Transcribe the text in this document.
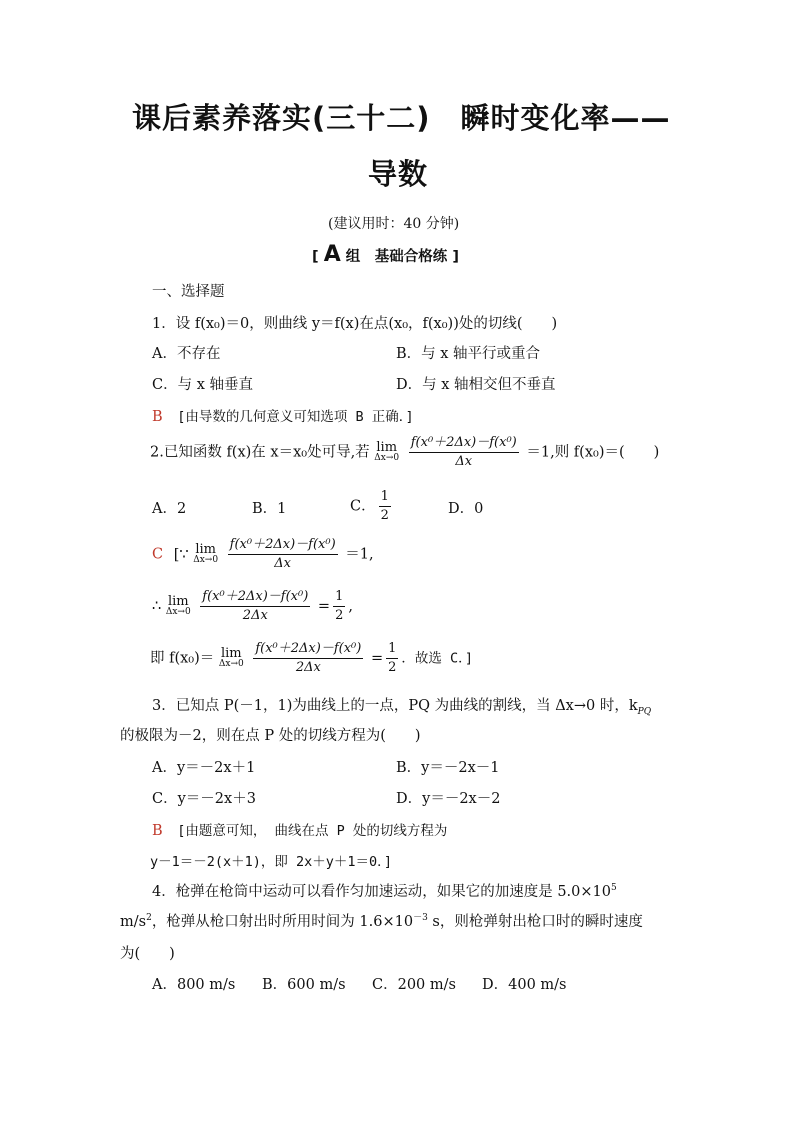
课后素养落实(三十二)　瞬时变化率——
导数
(建议用时：40 分钟)
[ A 组　基础合格练 ]
一、选择题
1．设 f(x₀)＝0，则曲线 y＝f(x)在点(x₀，f(x₀))处的切线(　　)
A．不存在	B．与 x 轴平行或重合
C．与 x 轴垂直	D．与 x 轴相交但不垂直
B [由导数的几何意义可知选项 B 正确．]
2.已知函数 f(x)在 x＝x₀处可导,若 lim
Δx→0
$\frac{\text{f(x⁰＋2Δx)－f(x⁰)}}{\Delta x} =1$,则 f(x₀)＝(　　)
A．2	B．1	C． $\frac{1}{2}$	D．0
C [∵ lim
Δx→0
$\frac{\text{f(x⁰＋2Δx)－f(x⁰)}}{\Delta x} =1$,
∴ lim
Δx→0
$\frac{\text{f(x⁰＋2Δx)－f(x⁰)}}{2\Delta x} = \frac{1}{2}$ ,
即 f(x₀)＝ lim
Δx→0
$\frac{\text{f(x⁰＋2Δx)－f(x⁰)}}{2\Delta x} = \frac{1}{2}$ ．故选 C．]
3．已知点 P(－1，1)为曲线上的一点，PQ 为曲线的割线，当 Δx→0 时，$k_{PQ}$
的极限为－2，则在点 P 处的切线方程为(　　)
A．y＝－2x＋1	B．y＝－2x－1
C．y＝－2x＋3	D．y＝－2x－2
B [由题意可知， 曲线在点 P 处的切线方程为
y－1＝－2(x＋1)，即 2x＋y＋1＝0．]
4．枪弹在枪筒中运动可以看作匀加速运动，如果它的加速度是 $5.0\times 10^5$
$m/s^2$，枪弹从枪口射出时所用时间为 $1.6\times 10^{-3}$ s，则枪弹射出枪口时的瞬时速度
为(　　)
A．800 m/s B．600 m/s C．200 m/s D．400 m/s
